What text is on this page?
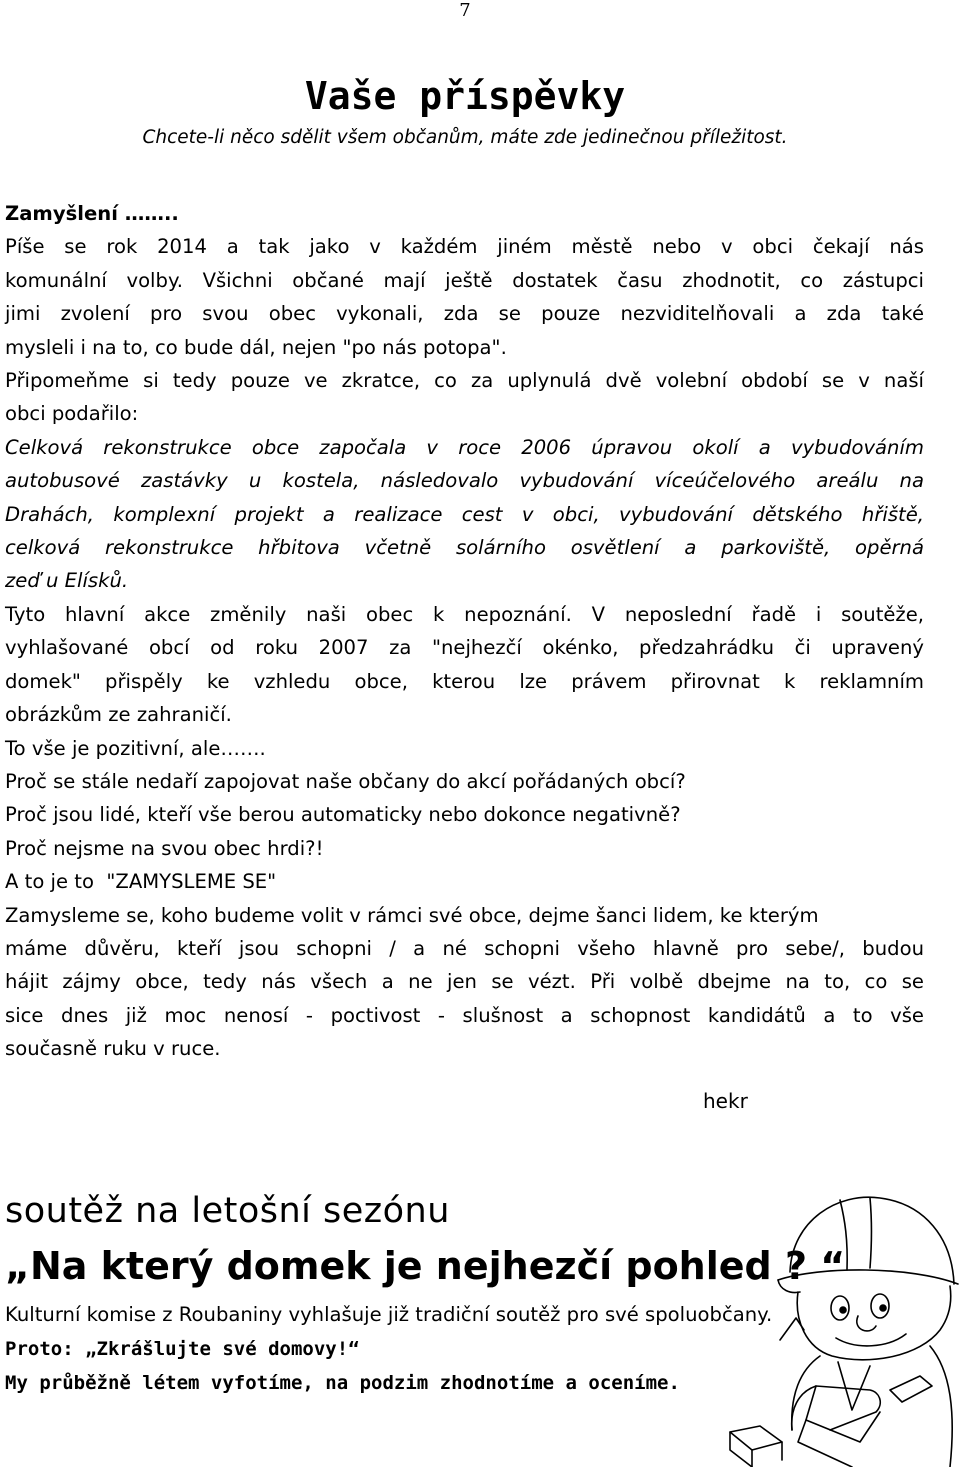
7
Vaše příspěvky
Chcete-li něco sdělit všem občanům, máte zde jedinečnou příležitost.

Zamyšlení ……..

Píše se rok 2014 a tak jako v každém jiném městě nebo v obci čekají nás

komunální volby. Všichni občané mají ještě dostatek času zhodnotit, co zástupci

jimi zvolení pro svou obec vykonali, zda se pouze nezviditelňovali a zda také

mysleli i na to, co bude dál, nejen "po nás potopa".

Připomeňme si tedy pouze ve zkratce, co za uplynulá dvě volební období se v naší

obci podařilo:

Celková rekonstrukce obce započala v roce 2006 úpravou okolí a vybudováním

autobusové zastávky u kostela, následovalo vybudování víceúčelového areálu na

Drahách, komplexní projekt a realizace cest v obci, vybudování dětského hřiště,

celková rekonstrukce hřbitova včetně solárního osvětlení a parkoviště, opěrná

zeď u Elísků.

Tyto hlavní akce změnily naši obec k nepoznání. V neposlední řadě i soutěže,

vyhlašované obcí od roku 2007 za "nejhezčí okénko, předzahrádku či upravený

domek" přispěly ke vzhledu obce, kterou lze právem přirovnat k reklamním

obrázkům ze zahraničí.

To vše je pozitivní, ale…….

Proč se stále nedaří zapojovat naše občany do akcí pořádaných obcí?

Proč jsou lidé, kteří vše berou automaticky nebo dokonce negativně?

Proč nejsme na svou obec hrdi?!

A to je to  "ZAMYSLEME SE"

Zamysleme se, koho budeme volit v rámci své obce, dejme šanci lidem, ke kterým

máme důvěru, kteří jsou schopni / a né schopni všeho hlavně pro sebe/, budou

hájit zájmy obce, tedy nás všech a ne jen se vézt. Při volbě dbejme na to, co se

sice dnes již moc nenosí - poctivost - slušnost a schopnost kandidátů a to vše

současně ruku v ruce.

hekr
soutěž na letošní sezónu
„Na který domek je nejhezčí pohled ? “

Kulturní komise z Roubaniny vyhlašuje již tradiční soutěž pro své spoluobčany.

Proto: „Zkrášlujte své domovy!“

My průběžně létem vyfotíme, na podzim zhodnotíme a oceníme.
